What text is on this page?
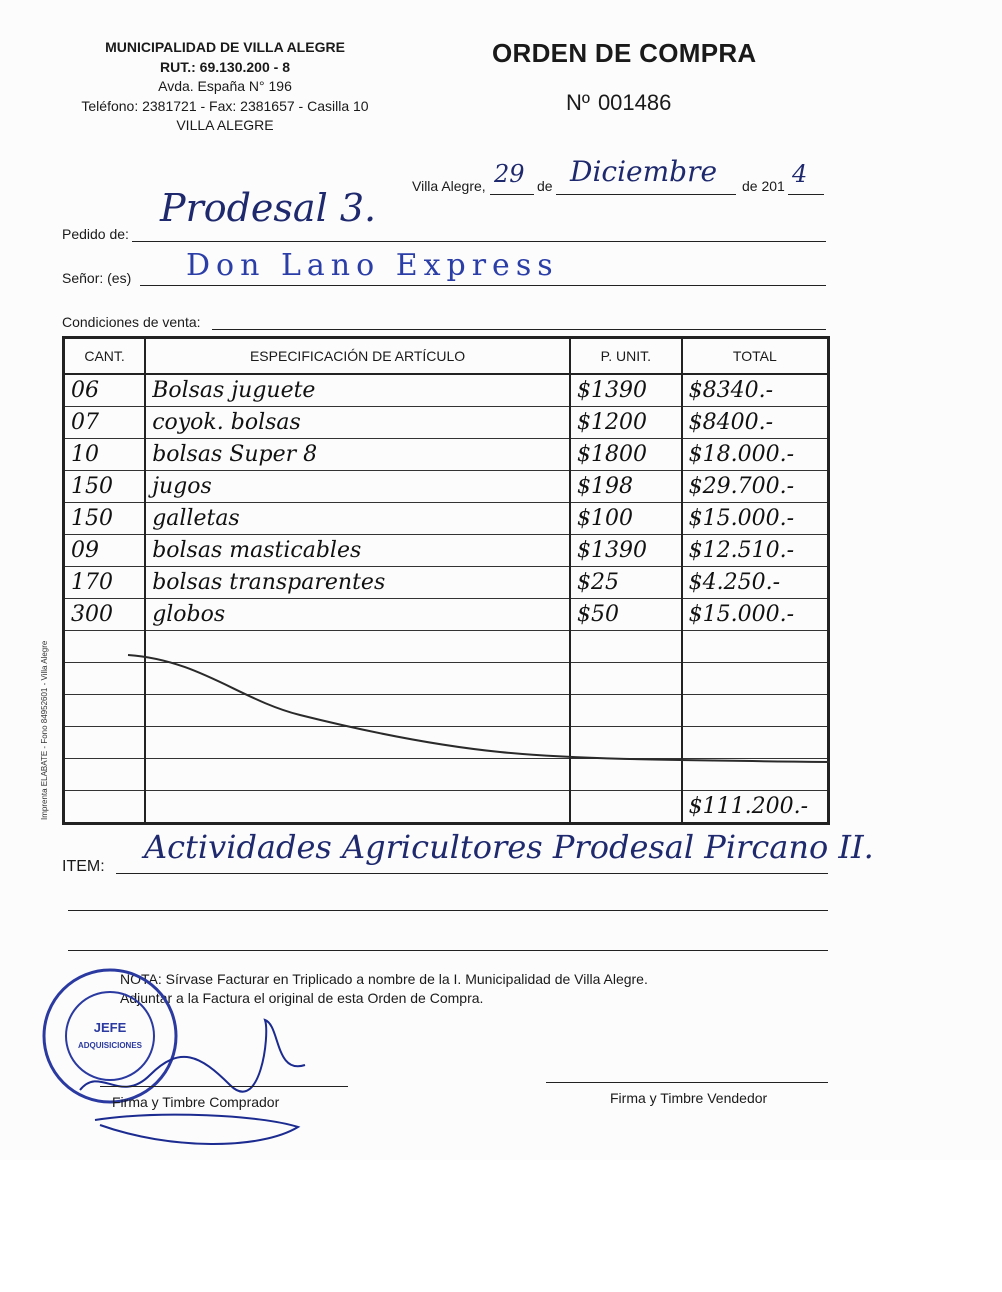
MUNICIPALIDAD DE VILLA ALEGRE
RUT.: 69.130.200 - 8
Avda. España N° 196
Teléfono: 2381721 - Fax: 2381657 - Casilla 10
VILLA ALEGRE
ORDEN DE COMPRA
Nº 001486
Villa Alegre, 29 de Diciembre de 201 4
Pedido de:
Prodesal 3.
Señor: (es) Don Lano Express
Condiciones de venta:
CANT.	ESPECIFICACIÓN DE ARTÍCULO	P. UNIT.	TOTAL
06	Bolsas juguete	$1390	$8340.-
07	coyok. bolsas	$1200	$8400.-
10	bolsas Super 8	$1800	$18.000.-
150	jugos	$198	$29.700.-
150	galletas	$100	$15.000.-
09	bolsas masticables	$1390	$12.510.-
170	bolsas transparentes	$25	$4.250.-
300	globos	$50	$15.000.-

			$111.200.-
Imprenta ELABATE - Fono 84952601 - Villa Alegre
ITEM:
Actividades Agricultores Prodesal Pircano II.
NOTA: Sírvase Facturar en Triplicado a nombre de la I. Municipalidad de Villa Alegre.
Adjuntar a la Factura el original de esta Orden de Compra.
JEFE
ADQUISICIONES
Firma y Timbre Comprador	Firma y Timbre Vendedor
